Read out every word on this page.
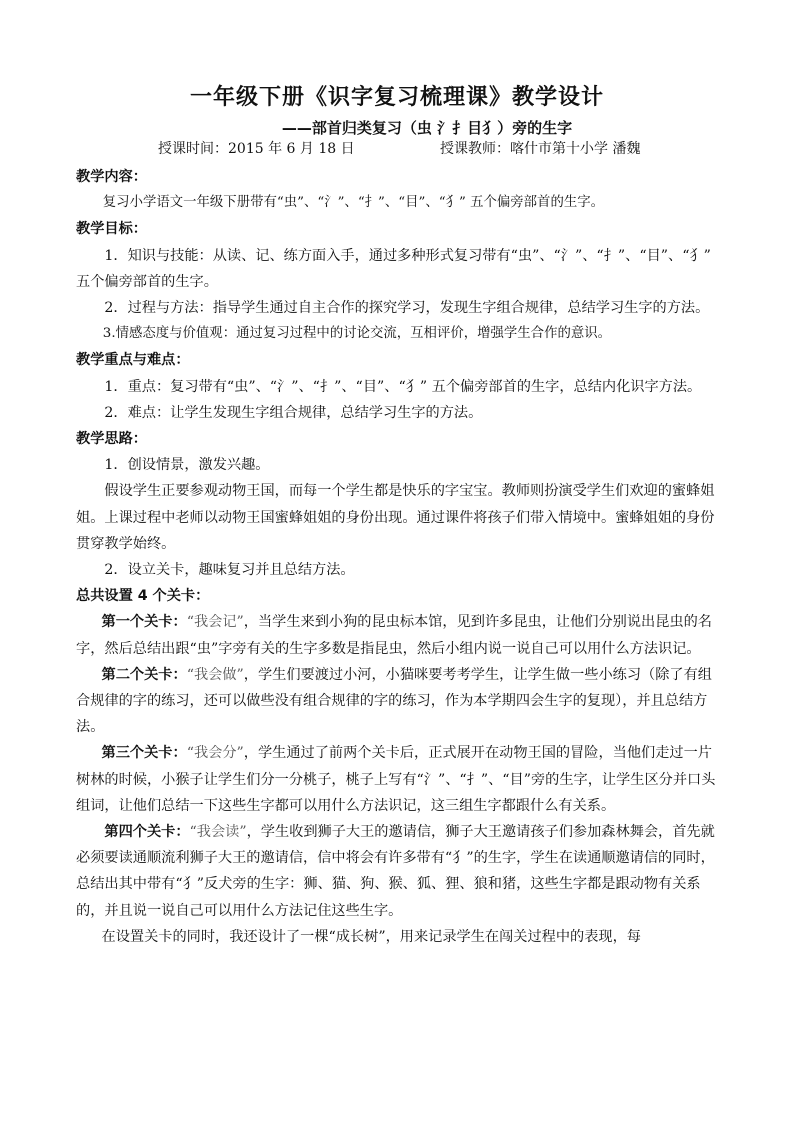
一年级下册《识字复习梳理课》教学设计
——部首归类复习（虫 氵扌目犭）旁的生字
授课时间：2015 年 6 月 18 日	授课教师：喀什市第十小学 潘魏

教学内容：

复习小学语文一年级下册带有“虫”、“氵”、“扌”、“目”、“犭” 五个偏旁部首的生字。

教学目标：

1．知识与技能：从读、记、练方面入手，通过多种形式复习带有“虫”、“氵”、“扌”、“目”、“犭” 五个偏旁部首的生字。

2．过程与方法：指导学生通过自主合作的探究学习，发现生字组合规律，总结学习生字的方法。

3.情感态度与价值观：通过复习过程中的讨论交流，互相评价，增强学生合作的意识。

教学重点与难点：

1．重点：复习带有“虫”、“氵”、“扌”、“目”、“犭” 五个偏旁部首的生字，总结内化识字方法。

2．难点：让学生发现生字组合规律，总结学习生字的方法。

教学思路：

1．创设情景，激发兴趣。

假设学生正要参观动物王国，而每一个学生都是快乐的字宝宝。教师则扮演受学生们欢迎的蜜蜂姐姐。上课过程中老师以动物王国蜜蜂姐姐的身份出现。通过课件将孩子们带入情境中。蜜蜂姐姐的身份贯穿教学始终。

2．设立关卡，趣味复习并且总结方法。

总共设置 4 个关卡：

第一个关卡：“我会记”，当学生来到小狗的昆虫标本馆，见到许多昆虫，让他们分别说出昆虫的名字，然后总结出跟“虫”字旁有关的生字多数是指昆虫，然后小组内说一说自己可以用什么方法识记。

第二个关卡：“我会做”，学生们要渡过小河，小猫咪要考考学生，让学生做一些小练习（除了有组合规律的字的练习，还可以做些没有组合规律的字的练习，作为本学期四会生字的复现），并且总结方法。

第三个关卡：“我会分”，学生通过了前两个关卡后，正式展开在动物王国的冒险，当他们走过一片树林的时候，小猴子让学生们分一分桃子，桃子上写有“氵”、“扌”、“目”旁的生字，让学生区分并口头组词，让他们总结一下这些生字都可以用什么方法识记，这三组生字都跟什么有关系。

第四个关卡：“我会读”，学生收到狮子大王的邀请信，狮子大王邀请孩子们参加森林舞会，首先就必须要读通顺流利狮子大王的邀请信，信中将会有许多带有“犭”的生字，学生在读通顺邀请信的同时，总结出其中带有“犭”反犬旁的生字：狮、猫、狗、猴、狐、狸、狼和猪，这些生字都是跟动物有关系的，并且说一说自己可以用什么方法记住这些生字。

在设置关卡的同时，我还设计了一棵“成长树”，用来记录学生在闯关过程中的表现，每
